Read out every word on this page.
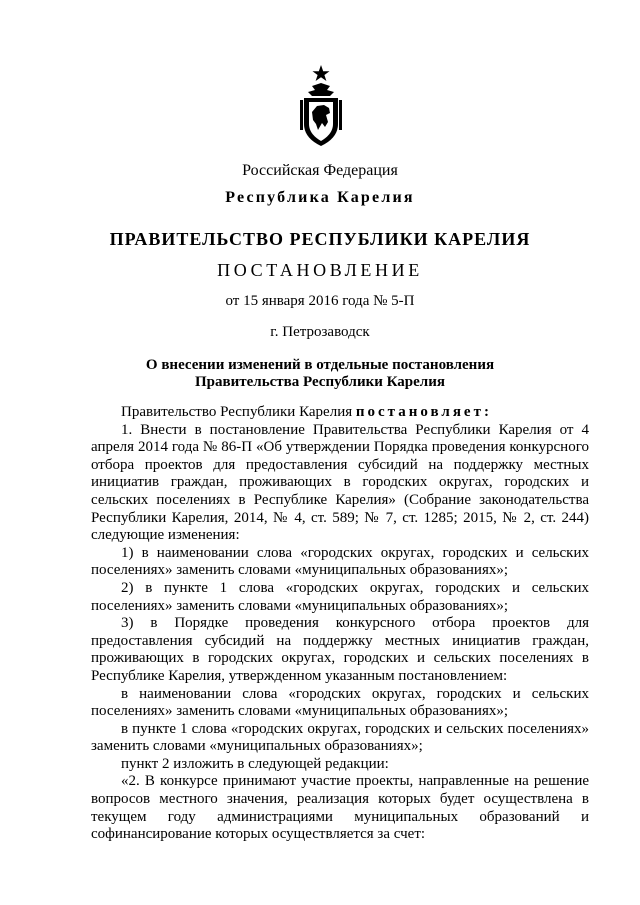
Российская Федерация
Республика Карелия
ПРАВИТЕЛЬСТВО РЕСПУБЛИКИ КАРЕЛИЯ
ПОСТАНОВЛЕНИЕ
от 15 января 2016 года № 5-П
г. Петрозаводск
О внесении изменений в отдельные постановления
Правительства Республики Карелия

Правительство Республики Карелия постановляет:

1. Внести в постановление Правительства Республики Карелия от 4 апреля 2014 года № 86-П «Об утверждении Порядка проведения конкурсного отбора проектов для предоставления субсидий на поддержку местных инициатив граждан, проживающих в городских округах, городских и сельских поселениях в Республике Карелия» (Собрание законодательства Республики Карелия, 2014, № 4, ст. 589; № 7, ст. 1285; 2015, № 2, ст. 244) следующие изменения:

1) в наименовании слова «городских округах, городских и сельских поселениях» заменить словами «муниципальных образованиях»;

2) в пункте 1 слова «городских округах, городских и сельских поселениях» заменить словами «муниципальных образованиях»;

3) в Порядке проведения конкурсного отбора проектов для предоставления субсидий на поддержку местных инициатив граждан, проживающих в городских округах, городских и сельских поселениях в Республике Карелия, утвержденном указанным постановлением:

в наименовании слова «городских округах, городских и сельских поселениях» заменить словами «муниципальных образованиях»;

в пункте 1 слова «городских округах, городских и сельских поселениях» заменить словами «муниципальных образованиях»;

пункт 2 изложить в следующей редакции:

«2. В конкурсе принимают участие проекты, направленные на решение вопросов местного значения, реализация которых будет осуществлена в текущем году администрациями муниципальных образований и софинансирование которых осуществляется за счет:
